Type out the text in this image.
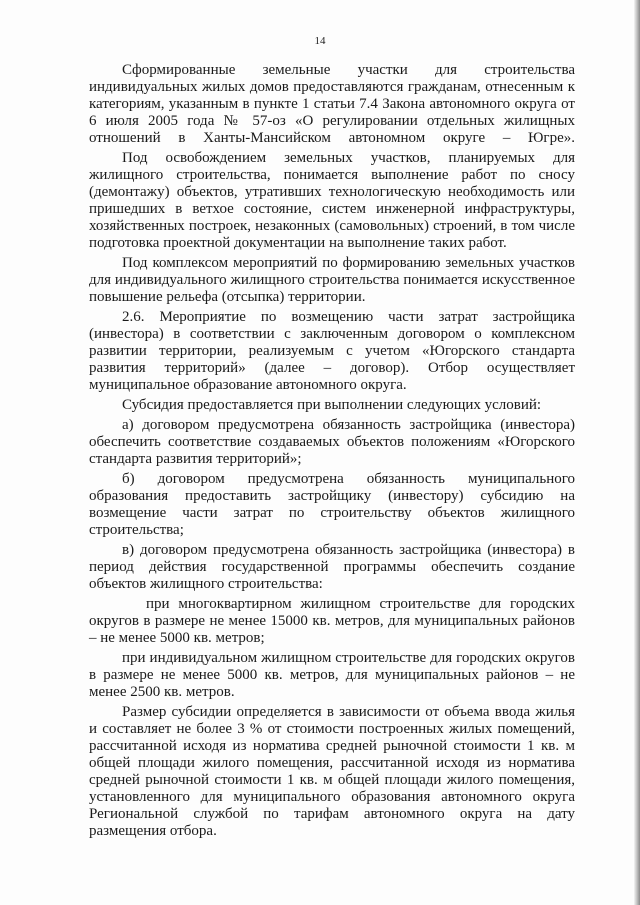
14

Сформированные земельные участки для строительства индивидуальных жилых домов предоставляются гражданам, отнесенным к категориям, указанным в пункте 1 статьи 7.4 Закона автономного округа от 6 июля 2005 года № 57-оз «О регулировании отдельных жилищных отношений в Ханты-Мансийском автономном округе – Югре».

Под освобождением земельных участков, планируемых для жилищного строительства, понимается выполнение работ по сносу (демонтажу) объектов, утративших технологическую необходимость или пришедших в ветхое состояние, систем инженерной инфраструктуры, хозяйственных построек, незаконных (самовольных) строений, в том числе подготовка проектной документации на выполнение таких работ.

Под комплексом мероприятий по формированию земельных участков для индивидуального жилищного строительства понимается искусственное повышение рельефа (отсыпка) территории.

2.6. Мероприятие по возмещению части затрат застройщика (инвестора) в соответствии с заключенным договором о комплексном развитии территории, реализуемым с учетом «Югорского стандарта развития территорий» (далее – договор). Отбор осуществляет муниципальное образование автономного округа.

Субсидия предоставляется при выполнении следующих условий:

а) договором предусмотрена обязанность застройщика (инвестора) обеспечить соответствие создаваемых объектов положениям «Югорского стандарта развития территорий»;

б) договором предусмотрена обязанность муниципального образования предоставить застройщику (инвестору) субсидию на возмещение части затрат по строительству объектов жилищного строительства;

в) договором предусмотрена обязанность застройщика (инвестора) в период действия государственной программы обеспечить создание объектов жилищного строительства:

при многоквартирном жилищном строительстве для городских округов в размере не менее 15000 кв. метров, для муниципальных районов – не менее 5000 кв. метров;

при индивидуальном жилищном строительстве для городских округов в размере не менее 5000 кв. метров, для муниципальных районов – не менее 2500 кв. метров.

Размер субсидии определяется в зависимости от объема ввода жилья и составляет не более 3 % от стоимости построенных жилых помещений, рассчитанной исходя из норматива средней рыночной стоимости 1 кв. м общей площади жилого помещения, рассчитанной исходя из норматива средней рыночной стоимости 1 кв. м общей площади жилого помещения, установленного для муниципального образования автономного округа Региональной службой по тарифам автономного округа на дату размещения отбора.
